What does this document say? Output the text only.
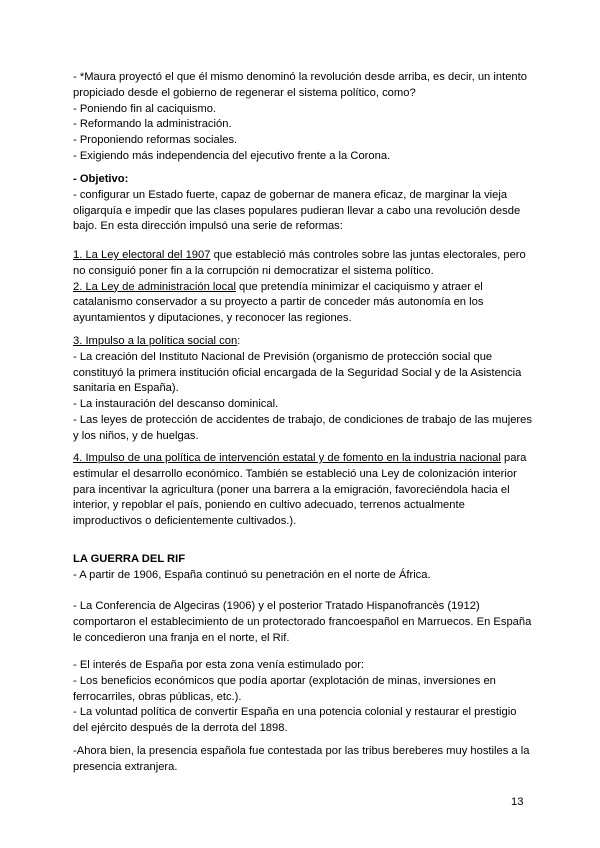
- *Maura proyectó el que él mismo denominó la revolución desde arriba, es decir, un intento
propiciado desde el gobierno de regenerar el sistema político, como?
- Poniendo fin al caciquismo.
- Reformando la administración.
- Proponiendo reformas sociales.
- Exigiendo más independencia del ejecutivo frente a la Corona.
- Objetivo:
- configurar un Estado fuerte, capaz de gobernar de manera eficaz, de marginar la vieja
oligarquía e impedir que las clases populares pudieran llevar a cabo una revolución desde
bajo. En esta dirección impulsó una serie de reformas:
1. La Ley electoral del 1907 que estableció más controles sobre las juntas electorales, pero
no consiguió poner fin a la corrupción ni democratizar el sistema político.
2. La Ley de administración local que pretendía minimizar el caciquismo y atraer el
catalanismo conservador a su proyecto a partir de conceder más autonomía en los
ayuntamientos y diputaciones, y reconocer las regiones.
3. Impulso a la política social con:
- La creación del Instituto Nacional de Previsión (organismo de protección social que
constituyó la primera institución oficial encargada de la Seguridad Social y de la Asistencia
sanitaria en España).
- La instauración del descanso dominical.
- Las leyes de protección de accidentes de trabajo, de condiciones de trabajo de las mujeres
y los niños, y de huelgas.
4. Impulso de una política de intervención estatal y de fomento en la industria nacional para
estimular el desarrollo económico. También se estableció una Ley de colonización interior
para incentivar la agricultura (poner una barrera a la emigración, favoreciéndola hacia el
interior, y repoblar el país, poniendo en cultivo adecuado, terrenos actualmente
improductivos o deficientemente cultivados.).
LA GUERRA DEL RIF
- A partir de 1906, España continuó su penetración en el norte de África.
- La Conferencia de Algeciras (1906) y el posterior Tratado Hispanofrancès (1912)
comportaron el establecimiento de un protectorado francoespañol en Marruecos. En España
le concedieron una franja en el norte, el Rif.
- El interés de España por esta zona venía estimulado por:
- Los beneficios económicos que podía aportar (explotación de minas, inversiones en
ferrocarriles, obras públicas, etc.).
- La voluntad política de convertir España en una potencia colonial y restaurar el prestigio
del ejército después de la derrota del 1898.
-Ahora bien, la presencia española fue contestada por las tribus bereberes muy hostiles a la
presencia extranjera.
13
